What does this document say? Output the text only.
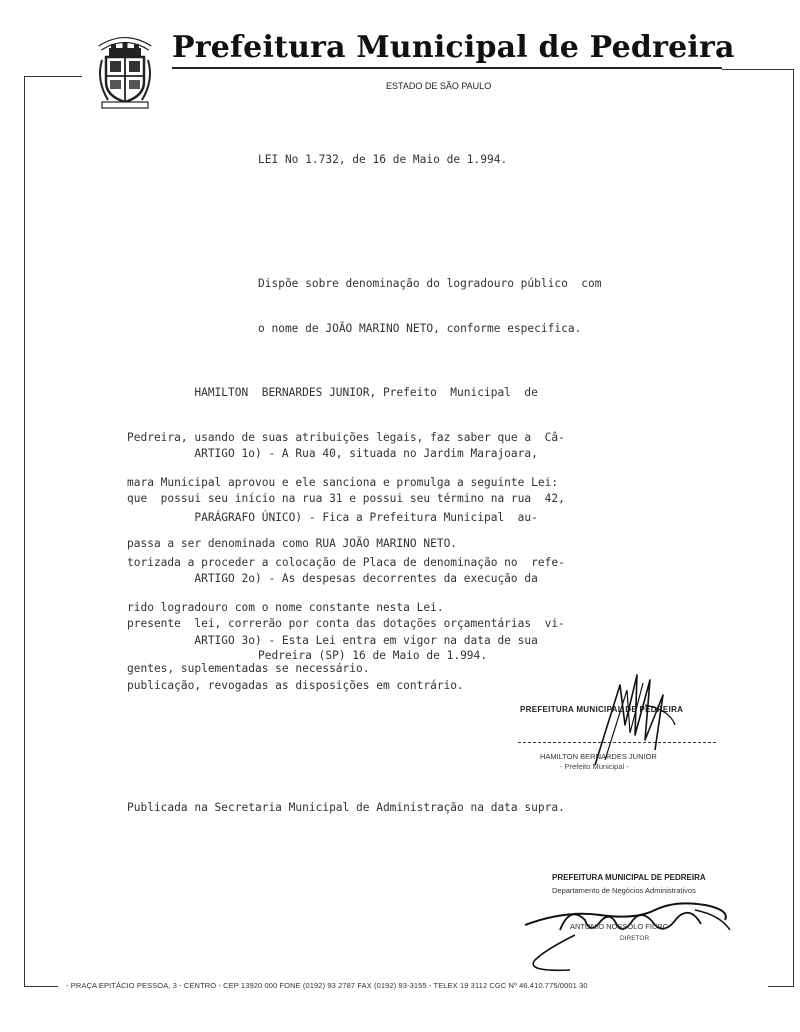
Prefeitura Municipal de Pedreira
ESTADO DE SÃO PAULO
LEI No 1.732, de 16 de Maio de 1.994.

Dispõe sobre denominação do logradouro público  com

o nome de JOÃO MARINO NETO, conforme especifica.

HAMILTON  BERNARDES JUNIOR, Prefeito  Municipal  de

Pedreira, usando de suas atribuições legais, faz saber que a  Câ-

mara Municipal aprovou e ele sanciona e promulga a seguinte Lei:

ARTIGO 1o) - A Rua 40, situada no Jardim Marajoara,

que  possui seu início na rua 31 e possui seu término na rua  42,

passa a ser denominada como RUA JOÃO MARINO NETO.

PARÁGRAFO ÚNICO) - Fica a Prefeitura Municipal  au-

torizada a proceder a colocação de Placa de denominação no  refe-

rido logradouro com o nome constante nesta Lei.

ARTIGO 2o) - As despesas decorrentes da execução da

presente  lei, correrão por conta das dotações orçamentárias  vi-

gentes, suplementadas se necessário.

ARTIGO 3o) - Esta Lei entra em vigor na data de sua

publicação, revogadas as disposições em contrário.

Pedreira (SP) 16 de Maio de 1.994.
PREFEITURA MUNICIPAL DE PEDREIRA
HAMILTON BERNARDES JUNIOR
- Prefeito Municipal -
Publicada na Secretaria Municipal de Administração na data supra.
PREFEITURA MUNICIPAL DE PEDREIRA
Departamento de Negócios Administrativos
ANTONIO NOSSOLO FIURC
DIRETOR
- PRAÇA EPITÁCIO PESSOA, 3 - CENTRO - CEP 13920 000 FONE (0192) 93 2787 FAX (0192) 93-3155 - TELEX 19 3112 CGC Nº 46.410.775/0001 30
